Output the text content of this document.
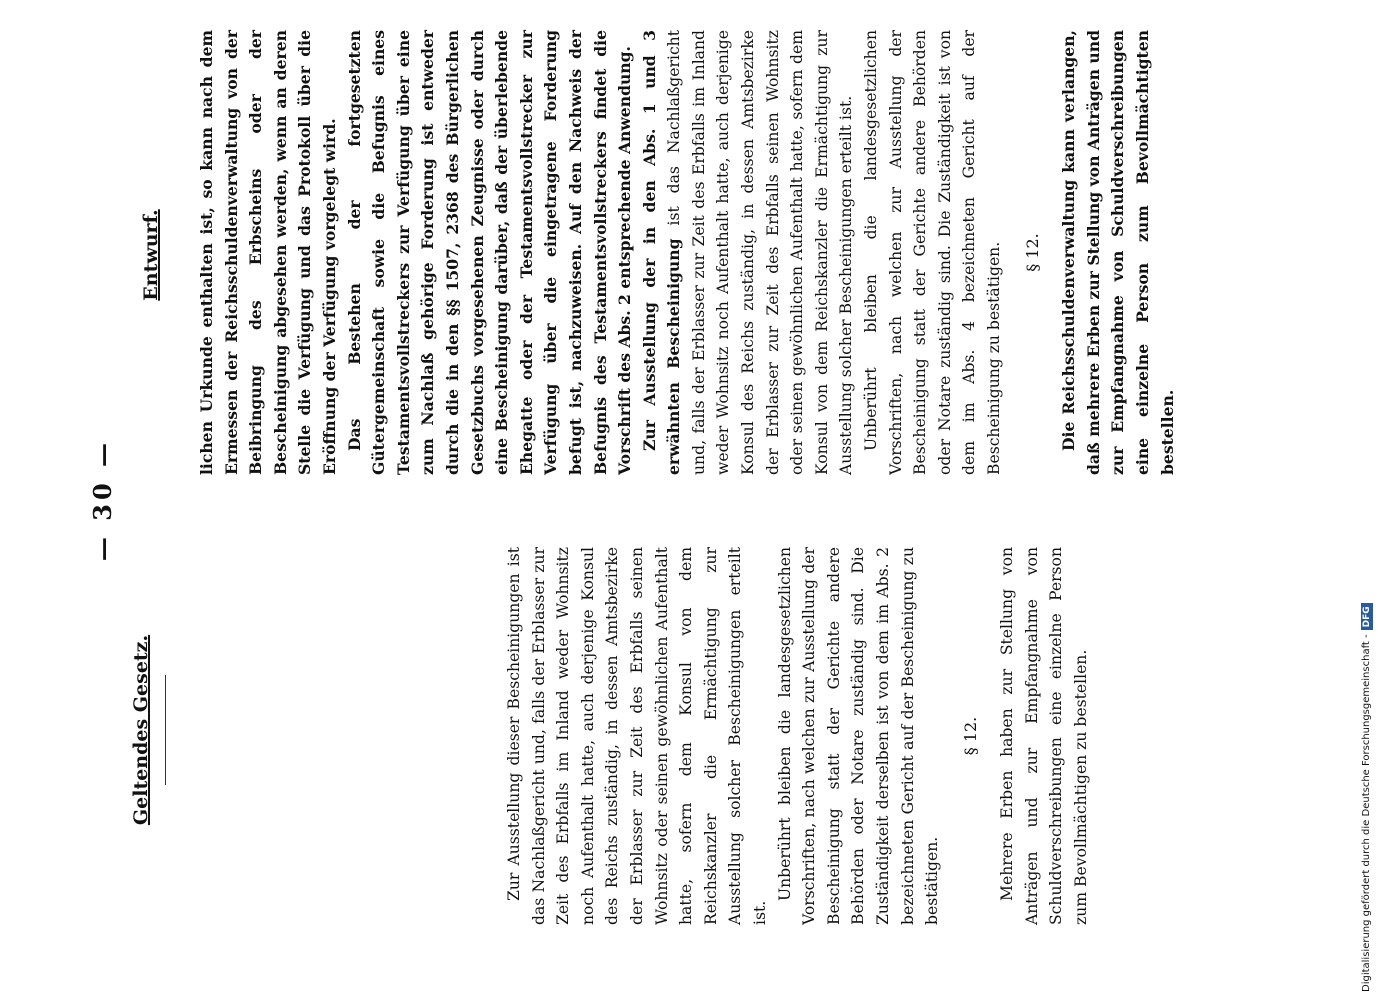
— 30 —
Geltendes Gesetz.	Zur Ausstellung dieser Bescheinigungen ist das Nachlaßgericht und, falls der Erblasser zur Zeit des Erbfalls im Inland weder Wohnsitz noch Aufenthalt hatte, auch derjenige Konsul des Reichs zuständig, in dessen Amtsbezirke der Erblasser zur Zeit des Erbfalls seinen Wohnsitz oder seinen gewöhnlichen Aufenthalt hatte, sofern dem Konsul von dem Reichskanzler die Ermächtigung zur Ausstellung solcher Bescheinigungen erteilt ist.

Unberührt bleiben die landesgesetzlichen Vorschriften, nach welchen zur Ausstellung der Bescheinigung statt der Gerichte andere Behörden oder Notare zuständig sind. Die Zuständigkeit derselben ist von dem im Abs. 2 bezeichneten Gericht auf der Bescheinigung zu bestätigen.

§ 12. Mehrere Erben haben zur Stellung von Anträgen und zur Empfangnahme von Schuldverschreibungen eine einzelne Person zum Bevollmächtigen zu bestellen.

Entwurf. lichen Urkunde enthalten ist, so kann nach dem Ermessen der Reichsschuldenverwaltung von der Beibringung des Erbscheins oder der Bescheinigung abgesehen werden, wenn an deren Stelle die Verfügung und das Protokoll über die Eröffnung der Verfügung vorgelegt wird. Das Bestehen der fortgesetzten Gütergemeinschaft sowie die Befugnis eines Testamentsvollstreckers zur Verfügung über eine zum Nachlaß gehörige Forderung ist entweder durch die in den §§ 1507, 2368 des Bürgerlichen Gesetzbuchs vorgesehenen Zeugnisse oder durch eine Bescheinigung darüber, daß der überlebende Ehegatte oder der Testamentsvollstrecker zur Verfügung über die eingetragene Forderung befugt ist, nachzuweisen. Auf den Nachweis der Befugnis des Testamentsvollstreckers findet die Vorschrift des Abs. 2 entsprechende Anwendung. Zur Ausstellung der in den Abs. 1 und 3 erwähnten Bescheinigung ist das Nachlaßgericht und, falls der Erblasser zur Zeit des Erbfalls im Inland weder Wohnsitz noch Aufenthalt hatte, auch derjenige Konsul des Reichs zuständig, in dessen Amtsbezirke der Erblasser zur Zeit des Erbfalls seinen Wohnsitz oder seinen gewöhnlichen Aufenthalt hatte, sofern dem Konsul von dem Reichskanzler die Ermächtigung zur Ausstellung solcher Bescheinigungen erteilt ist. Unberührt bleiben die landesgesetzlichen Vorschriften, nach welchen zur Ausstellung der Bescheinigung statt der Gerichte andere Behörden oder Notare zuständig sind. Die Zuständigkeit ist von dem im Abs. 4 bezeichneten Gericht auf der Bescheinigung zu bestätigen. § 12. Die Reichsschuldenverwaltung kann verlangen, daß mehrere Erben zur Stellung von Anträgen und zur Empfangnahme von Schuldverschreibungen eine einzelne Person zum Bevollmächtigten bestellen.

Digitalisierung gefördert durch die Deutsche Forschungsgemeinschaft -DFG
